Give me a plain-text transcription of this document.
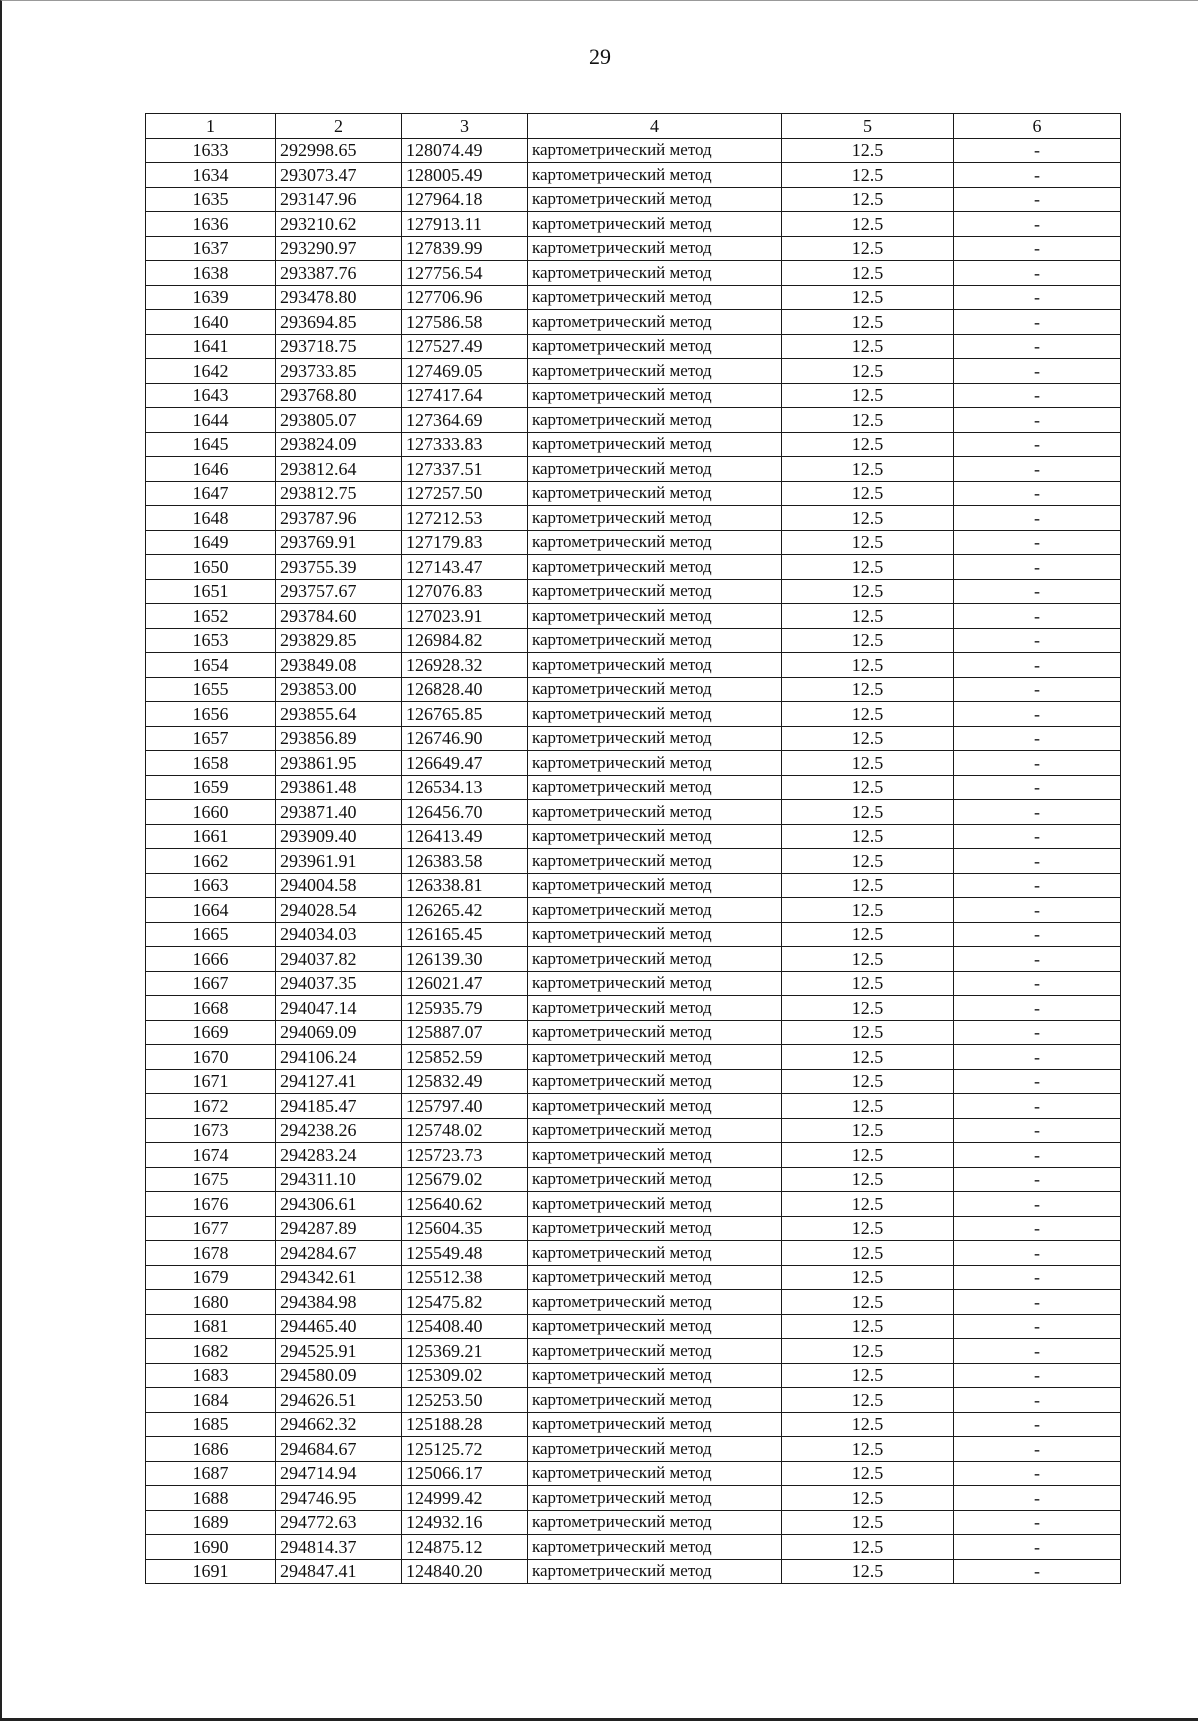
29
1	2	3	4	5	6
1633	292998.65	128074.49	картометрический метод	12.5	-
1634	293073.47	128005.49	картометрический метод	12.5	-
1635	293147.96	127964.18	картометрический метод	12.5	-
1636	293210.62	127913.11	картометрический метод	12.5	-
1637	293290.97	127839.99	картометрический метод	12.5	-
1638	293387.76	127756.54	картометрический метод	12.5	-
1639	293478.80	127706.96	картометрический метод	12.5	-
1640	293694.85	127586.58	картометрический метод	12.5	-
1641	293718.75	127527.49	картометрический метод	12.5	-
1642	293733.85	127469.05	картометрический метод	12.5	-
1643	293768.80	127417.64	картометрический метод	12.5	-
1644	293805.07	127364.69	картометрический метод	12.5	-
1645	293824.09	127333.83	картометрический метод	12.5	-
1646	293812.64	127337.51	картометрический метод	12.5	-
1647	293812.75	127257.50	картометрический метод	12.5	-
1648	293787.96	127212.53	картометрический метод	12.5	-
1649	293769.91	127179.83	картометрический метод	12.5	-
1650	293755.39	127143.47	картометрический метод	12.5	-
1651	293757.67	127076.83	картометрический метод	12.5	-
1652	293784.60	127023.91	картометрический метод	12.5	-
1653	293829.85	126984.82	картометрический метод	12.5	-
1654	293849.08	126928.32	картометрический метод	12.5	-
1655	293853.00	126828.40	картометрический метод	12.5	-
1656	293855.64	126765.85	картометрический метод	12.5	-
1657	293856.89	126746.90	картометрический метод	12.5	-
1658	293861.95	126649.47	картометрический метод	12.5	-
1659	293861.48	126534.13	картометрический метод	12.5	-
1660	293871.40	126456.70	картометрический метод	12.5	-
1661	293909.40	126413.49	картометрический метод	12.5	-
1662	293961.91	126383.58	картометрический метод	12.5	-
1663	294004.58	126338.81	картометрический метод	12.5	-
1664	294028.54	126265.42	картометрический метод	12.5	-
1665	294034.03	126165.45	картометрический метод	12.5	-
1666	294037.82	126139.30	картометрический метод	12.5	-
1667	294037.35	126021.47	картометрический метод	12.5	-
1668	294047.14	125935.79	картометрический метод	12.5	-
1669	294069.09	125887.07	картометрический метод	12.5	-
1670	294106.24	125852.59	картометрический метод	12.5	-
1671	294127.41	125832.49	картометрический метод	12.5	-
1672	294185.47	125797.40	картометрический метод	12.5	-
1673	294238.26	125748.02	картометрический метод	12.5	-
1674	294283.24	125723.73	картометрический метод	12.5	-
1675	294311.10	125679.02	картометрический метод	12.5	-
1676	294306.61	125640.62	картометрический метод	12.5	-
1677	294287.89	125604.35	картометрический метод	12.5	-
1678	294284.67	125549.48	картометрический метод	12.5	-
1679	294342.61	125512.38	картометрический метод	12.5	-
1680	294384.98	125475.82	картометрический метод	12.5	-
1681	294465.40	125408.40	картометрический метод	12.5	-
1682	294525.91	125369.21	картометрический метод	12.5	-
1683	294580.09	125309.02	картометрический метод	12.5	-
1684	294626.51	125253.50	картометрический метод	12.5	-
1685	294662.32	125188.28	картометрический метод	12.5	-
1686	294684.67	125125.72	картометрический метод	12.5	-
1687	294714.94	125066.17	картометрический метод	12.5	-
1688	294746.95	124999.42	картометрический метод	12.5	-
1689	294772.63	124932.16	картометрический метод	12.5	-
1690	294814.37	124875.12	картометрический метод	12.5	-
1691	294847.41	124840.20	картометрический метод	12.5	-
